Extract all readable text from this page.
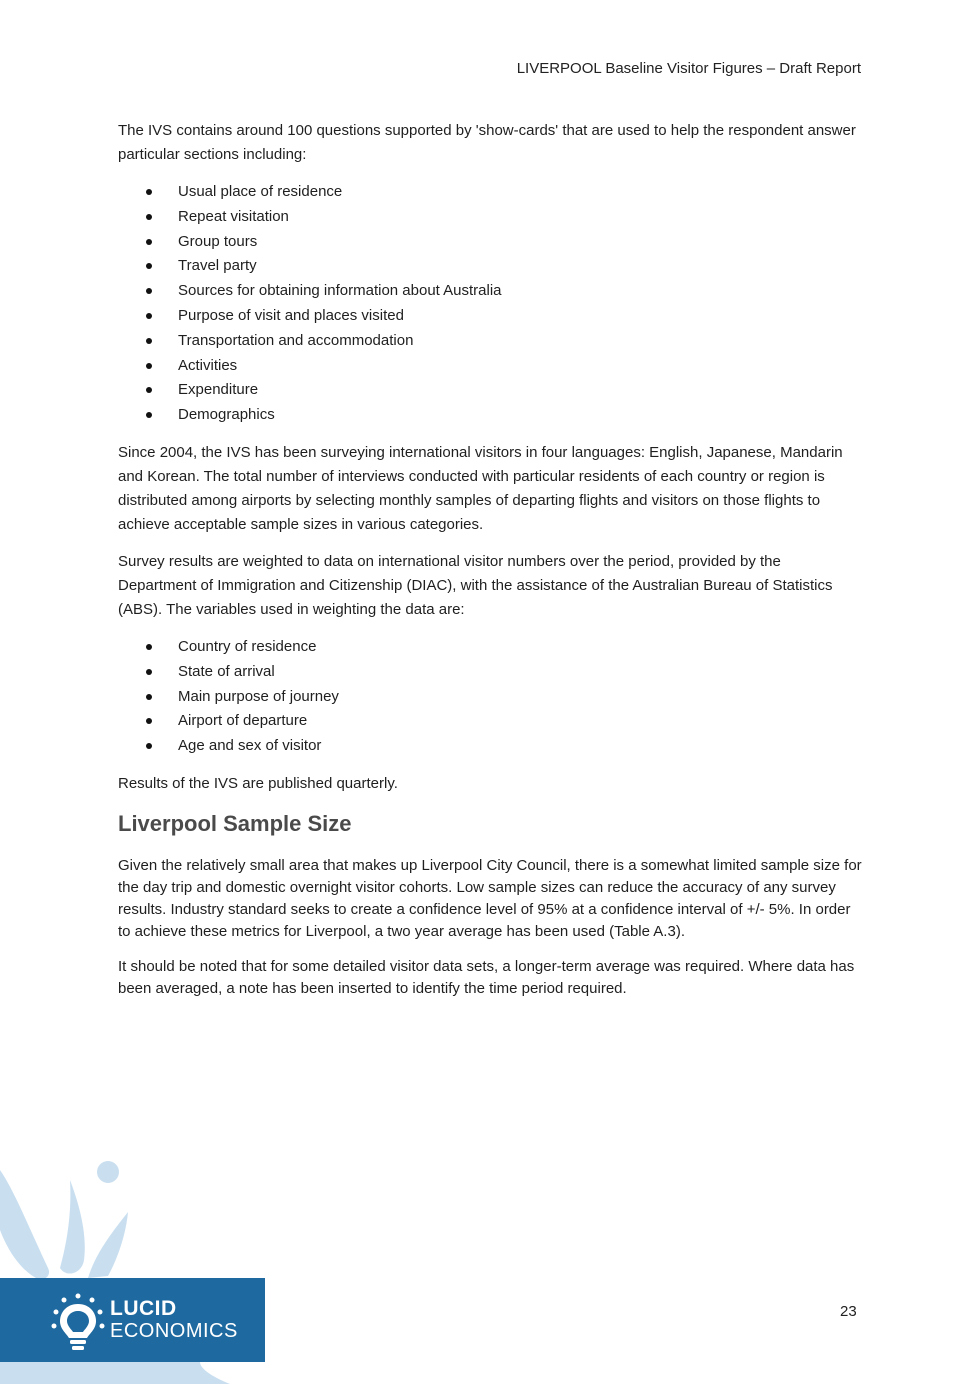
LIVERPOOL Baseline Visitor Figures – Draft Report

The IVS contains around 100 questions supported by 'show-cards' that are used to help the respondent answer particular sections including:

Usual place of residence
Repeat visitation
Group tours
Travel party
Sources for obtaining information about Australia
Purpose of visit and places visited
Transportation and accommodation
Activities
Expenditure
Demographics

Since 2004, the IVS has been surveying international visitors in four languages: English, Japanese, Mandarin and Korean. The total number of interviews conducted with particular residents of each country or region is distributed among airports by selecting monthly samples of departing flights and visitors on those flights to achieve acceptable sample sizes in various categories.

Survey results are weighted to data on international visitor numbers over the period, provided by the Department of Immigration and Citizenship (DIAC), with the assistance of the Australian Bureau of Statistics (ABS). The variables used in weighting the data are:

Country of residence
State of arrival
Main purpose of journey
Airport of departure
Age and sex of visitor

Results of the IVS are published quarterly.

Liverpool Sample Size

Given the relatively small area that makes up Liverpool City Council, there is a somewhat limited sample size for the day trip and domestic overnight visitor cohorts. Low sample sizes can reduce the accuracy of any survey results. Industry standard seeks to create a confidence level of 95% at a confidence interval of +/- 5%. In order to achieve these metrics for Liverpool, a two year average has been used (Table A.3).

It should be noted that for some detailed visitor data sets, a longer-term average was required. Where data has been averaged, a note has been inserted to identify the time period required.

23
LUCID
ECONOMICS
